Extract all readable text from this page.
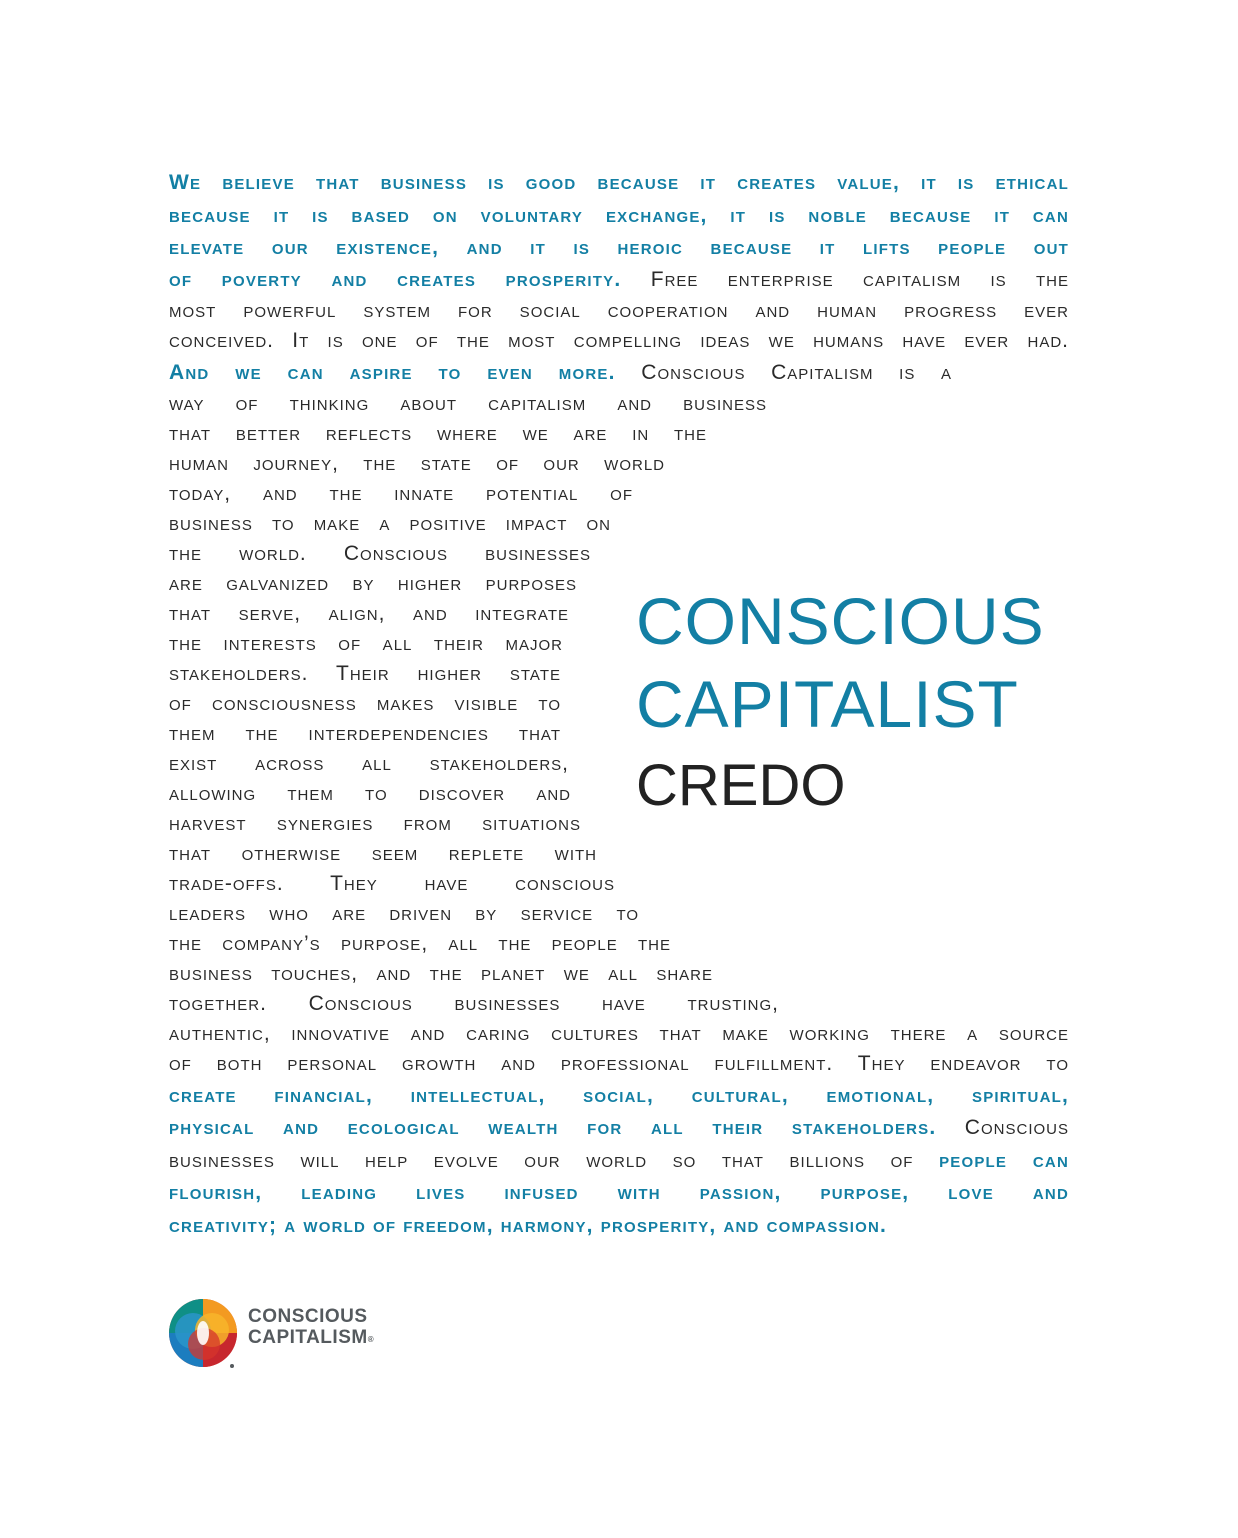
We believe that business is good because it creates value, it is ethical
because it is based on voluntary exchange, it is noble because it can
elevate our existence, and it is heroic because it lifts people out
of poverty and creates prosperity. Free enterprise capitalism is the
most powerful system for social cooperation and human progress ever
conceived. It is one of the most compelling ideas we humans have ever had.
And we can aspire to even more. Conscious Capitalism is a
way of thinking about capitalism and business
that better reflects where we are in the
human journey, the state of our world
today, and the innate potential of
business to make a positive impact on
the world. Conscious businesses
are galvanized by higher purposes
that serve, align, and integrate
the interests of all their major
stakeholders. Their higher state
of consciousness makes visible to
them the interdependencies that
exist across all stakeholders,
allowing them to discover and
harvest synergies from situations
that otherwise seem replete with
trade-offs. They have conscious
leaders who are driven by service to
the company’s purpose, all the people the
business touches, and the planet we all share
together. Conscious businesses have trusting,
authentic, innovative and caring cultures that make working there a source
of both personal growth and professional fulfillment. They endeavor to
create financial, intellectual, social, cultural, emotional, spiritual,
physical and ecological wealth for all their stakeholders. Conscious
businesses will help evolve our world so that billions of people can
flourish, leading lives infused with passion, purpose, love and
creativity; a world of freedom, harmony, prosperity, and compassion.
CONSCIOUS
CAPITALIST
CREDO
CONSCIOUS
CAPITALISM®
